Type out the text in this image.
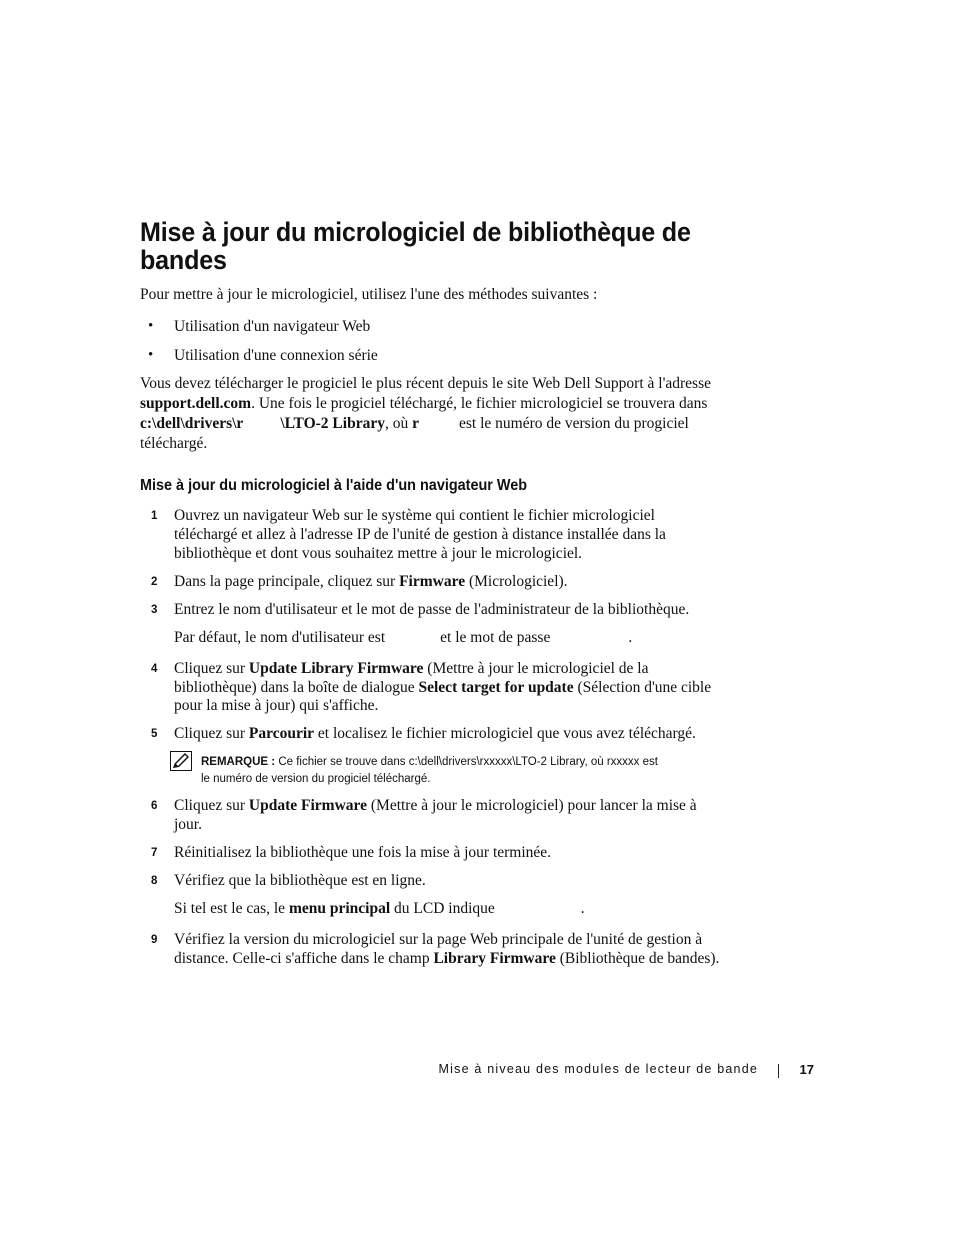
Mise à jour du micrologiciel de bibliothèque de bandes

Pour mettre à jour le micrologiciel, utilisez l'une des méthodes suivantes :

• Utilisation d'un navigateur Web

• Utilisation d'une connexion série

Vous devez télécharger le progiciel le plus récent depuis le site Web Dell Support à l'adresse

support.dell.com. Une fois le progiciel téléchargé, le fichier micrologiciel se trouvera dans

c:\dell\drivers\r \LTO-2 Library, où r	est le numéro de version du progiciel

téléchargé.

Mise à jour du micrologiciel à l'aide d'un navigateur Web
1 Ouvrez un navigateur Web sur le système qui contient le fichier micrologiciel

téléchargé et allez à l'adresse IP de l'unité de gestion à distance installée dans la

bibliothèque et dont vous souhaitez mettre à jour le micrologiciel.

2 Dans la page principale, cliquez sur Firmware (Micrologiciel).

3 Entrez le nom d'utilisateur et le mot de passe de l'administrateur de la bibliothèque.

Par défaut, le nom d'utilisateur est	et le mot de passe	.

4 Cliquez sur Update Library Firmware (Mettre à jour le micrologiciel de la

bibliothèque) dans la boîte de dialogue Select target for update (Sélection d'une cible

pour la mise à jour) qui s'affiche.

5 Cliquez sur Parcourir et localisez le fichier micrologiciel que vous avez téléchargé.

REMARQUE : Ce fichier se trouve dans c:\dell\drivers\rxxxxx\LTO-2 Library, où rxxxxx est
le numéro de version du progiciel téléchargé.
6 Cliquez sur Update Firmware (Mettre à jour le micrologiciel) pour lancer la mise à

jour.

7 Réinitialisez la bibliothèque une fois la mise à jour terminée.

8 Vérifiez que la bibliothèque est en ligne.

Si tel est le cas, le menu principal du LCD indique	.

9 Vérifiez la version du micrologiciel sur la page Web principale de l'unité de gestion à

distance. Celle-ci s'affiche dans le champ Library Firmware (Bibliothèque de bandes).

Mise à niveau des modules de lecteur de bande	17
